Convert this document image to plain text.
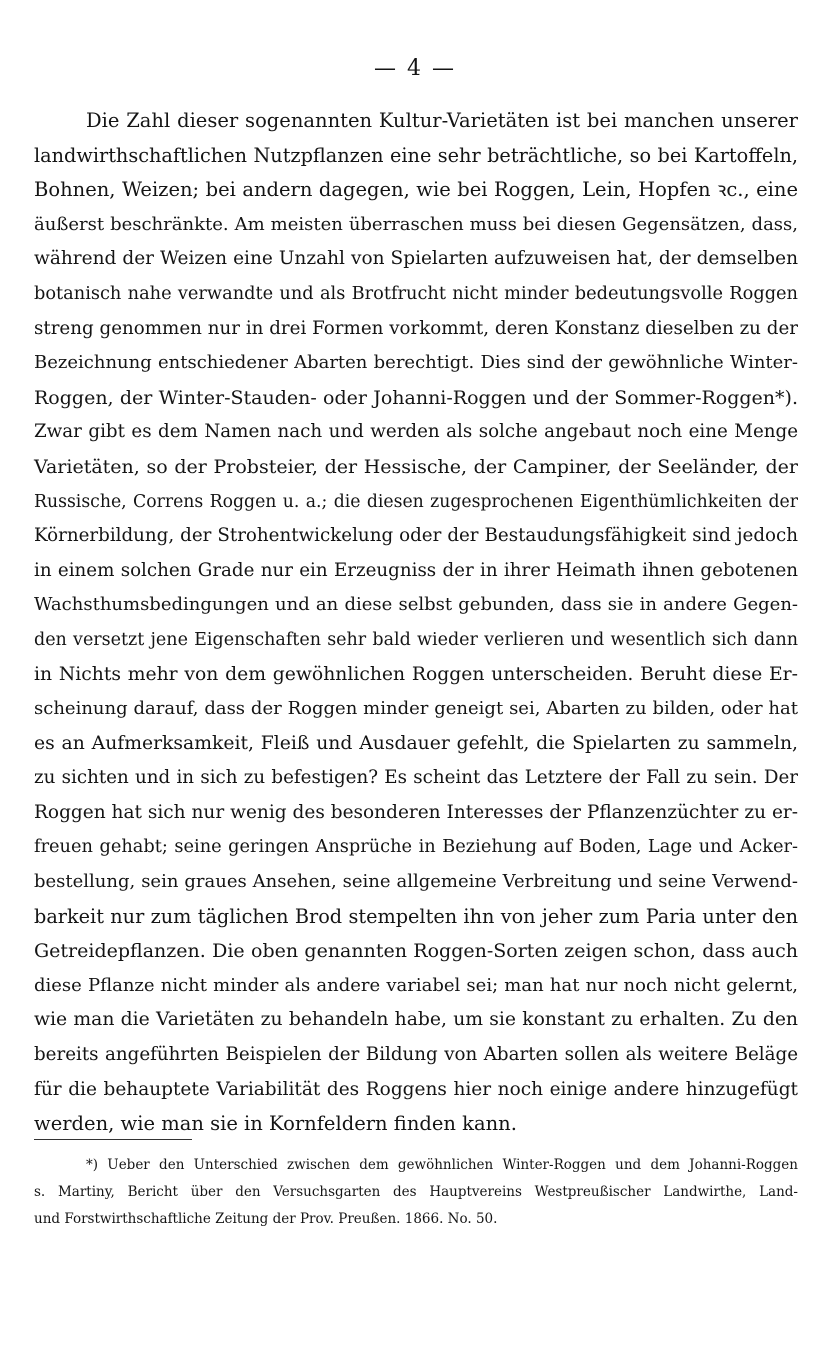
— 4 —
Die Zahl dieser sogenannten Kultur-Varietäten ist bei manchen unserer
landwirthschaftlichen Nutzpflanzen eine sehr beträchtliche, so bei Kartoffeln,
Bohnen, Weizen; bei andern dagegen, wie bei Roggen, Lein, Hopfen ꝛc., eine
äußerst beschränkte. Am meisten überraschen muss bei diesen Gegensätzen, dass,
während der Weizen eine Unzahl von Spielarten aufzuweisen hat, der demselben
botanisch nahe verwandte und als Brotfrucht nicht minder bedeutungsvolle Roggen
streng genommen nur in drei Formen vorkommt, deren Konstanz dieselben zu der
Bezeichnung entschiedener Abarten berechtigt. Dies sind der gewöhnliche Winter-
Roggen, der Winter-Stauden- oder Johanni-Roggen und der Sommer-Roggen*).
Zwar gibt es dem Namen nach und werden als solche angebaut noch eine Menge
Varietäten, so der Probsteier, der Hessische, der Campiner, der Seeländer, der
Russische, Correns Roggen u. a.; die diesen zugesprochenen Eigenthümlichkeiten der
Körnerbildung, der Strohentwickelung oder der Bestaudungsfähigkeit sind jedoch
in einem solchen Grade nur ein Erzeugniss der in ihrer Heimath ihnen gebotenen
Wachsthumsbedingungen und an diese selbst gebunden, dass sie in andere Gegen-
den versetzt jene Eigenschaften sehr bald wieder verlieren und wesentlich sich dann
in Nichts mehr von dem gewöhnlichen Roggen unterscheiden. Beruht diese Er-
scheinung darauf, dass der Roggen minder geneigt sei, Abarten zu bilden, oder hat
es an Aufmerksamkeit, Fleiß und Ausdauer gefehlt, die Spielarten zu sammeln,
zu sichten und in sich zu befestigen? Es scheint das Letztere der Fall zu sein. Der
Roggen hat sich nur wenig des besonderen Interesses der Pflanzenzüchter zu er-
freuen gehabt; seine geringen Ansprüche in Beziehung auf Boden, Lage und Acker-
bestellung, sein graues Ansehen, seine allgemeine Verbreitung und seine Verwend-
barkeit nur zum täglichen Brod stempelten ihn von jeher zum Paria unter den
Getreidepflanzen. Die oben genannten Roggen-Sorten zeigen schon, dass auch
diese Pflanze nicht minder als andere variabel sei; man hat nur noch nicht gelernt,
wie man die Varietäten zu behandeln habe, um sie konstant zu erhalten. Zu den
bereits angeführten Beispielen der Bildung von Abarten sollen als weitere Beläge
für die behauptete Variabilität des Roggens hier noch einige andere hinzugefügt
werden, wie man sie in Kornfeldern finden kann.
*) Ueber den Unterschied zwischen dem gewöhnlichen Winter-Roggen und dem Johanni-Roggen
s. Martiny, Bericht über den Versuchsgarten des Hauptvereins Westpreußischer Landwirthe, Land-
und Forstwirthschaftliche Zeitung der Prov. Preußen. 1866. No. 50.
